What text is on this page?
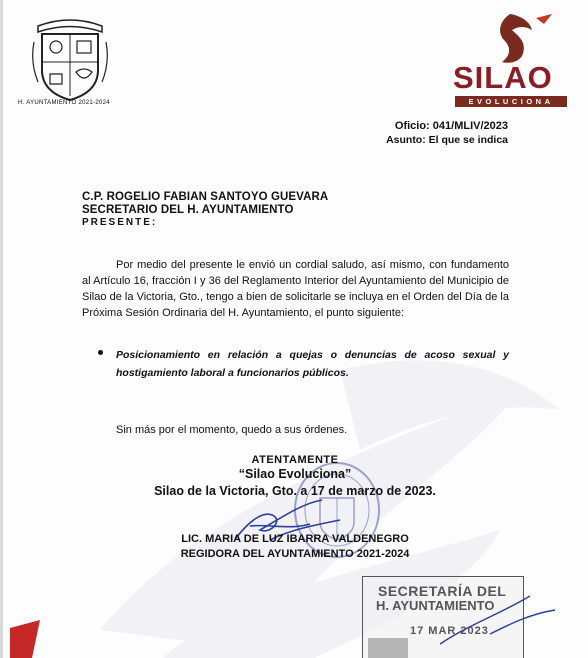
H. AYUNTAMIENTO 2021-2024
SILAO
EVOLUCIONA
Oficio: 041/MLIV/2023
Asunto: El que se indica
C.P. ROGELIO FABIAN SANTOYO GUEVARA
SECRETARIO DEL H. AYUNTAMIENTO
PRESENTE:
Por medio del presente le envió un cordial saludo, así mismo, con fundamento al Artículo 16, fracción I y 36 del Reglamento Interior del Ayuntamiento del Municipio de Silao de la Victoria, Gto., tengo a bien de solicitarle se incluya en el Orden del Día de la Próxima Sesión Ordinaria del H. Ayuntamiento, el punto siguiente:
Posicionamiento en relación a quejas o denuncias de acoso sexual y hostigamiento laboral a funcionarios públicos.
Sin más por el momento, quedo a sus órdenes.
ATENTAMENTE
“Silao Evoluciona”
Silao de la Victoria, Gto. a 17 de marzo de 2023.
LIC. MARIA DE LUZ IBARRA VALDENEGRO
REGIDORA DEL AYUNTAMIENTO 2021-2024
SECRETARÍA DEL
H. AYUNTAMIENTO
17 MAR 2023
